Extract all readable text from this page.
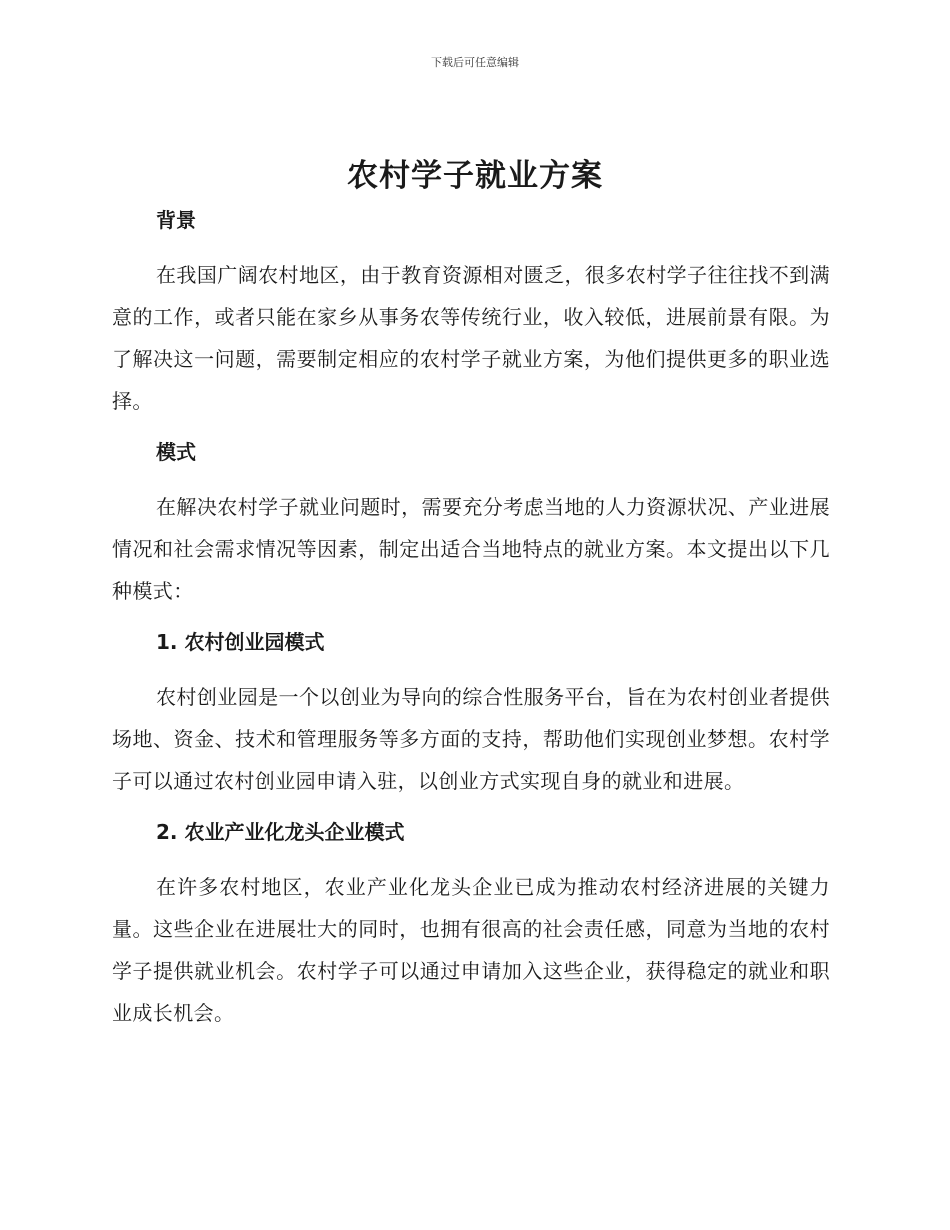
下载后可任意编辑
农村学子就业方案
背景

在我国广阔农村地区，由于教育资源相对匮乏，很多农村学子往往找不到满意的工作，或者只能在家乡从事务农等传统行业，收入较低，进展前景有限。为了解决这一问题，需要制定相应的农村学子就业方案，为他们提供更多的职业选择。

模式

在解决农村学子就业问题时，需要充分考虑当地的人力资源状况、产业进展情况和社会需求情况等因素，制定出适合当地特点的就业方案。本文提出以下几种模式：

1. 农村创业园模式

农村创业园是一个以创业为导向的综合性服务平台，旨在为农村创业者提供场地、资金、技术和管理服务等多方面的支持，帮助他们实现创业梦想。农村学子可以通过农村创业园申请入驻，以创业方式实现自身的就业和进展。

2. 农业产业化龙头企业模式

在许多农村地区，农业产业化龙头企业已成为推动农村经济进展的关键力量。这些企业在进展壮大的同时，也拥有很高的社会责任感，同意为当地的农村学子提供就业机会。农村学子可以通过申请加入这些企业，获得稳定的就业和职业成长机会。
